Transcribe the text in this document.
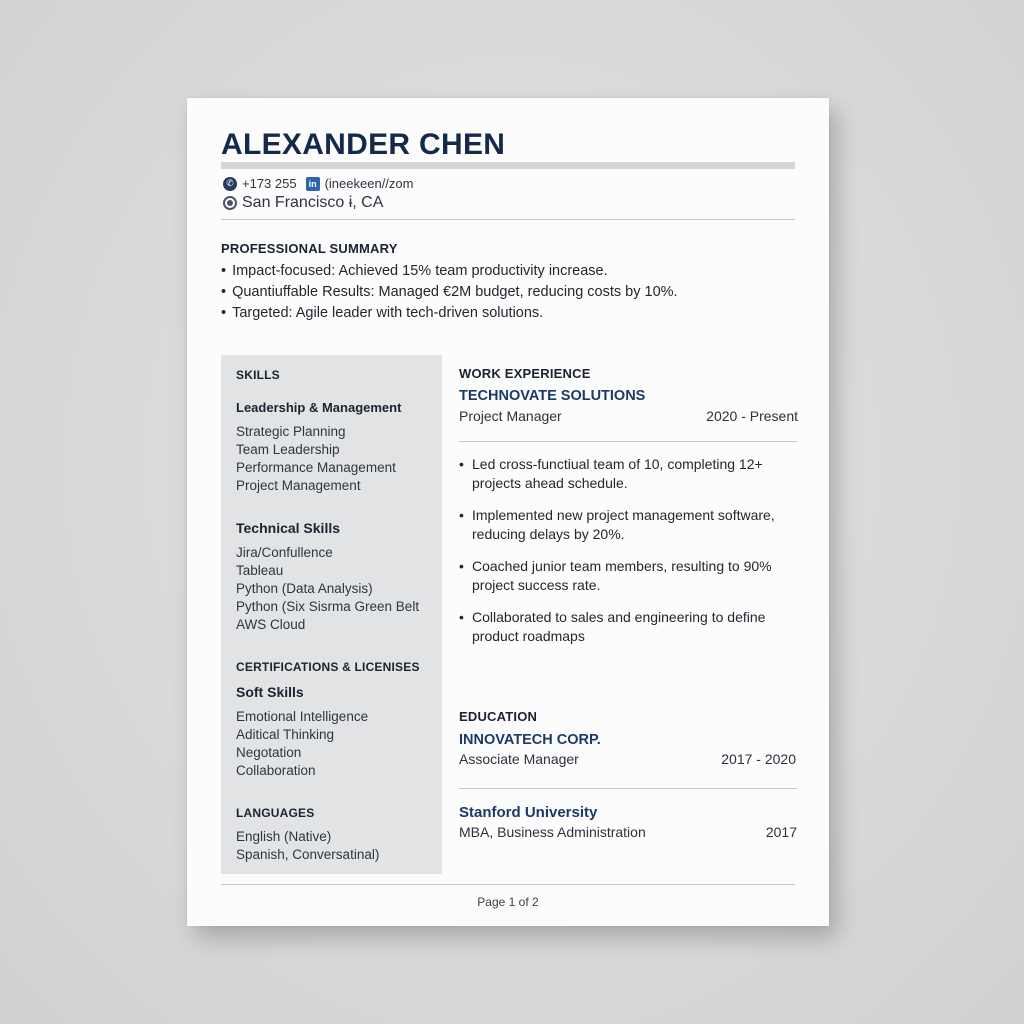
ALEXANDER CHEN
✆ +173 255	in (ineekeen//zom
San Francisco ɨ, CA
PROFESSIONAL SUMMARY
• Impact-focused: Achieved 15% team productivity increase.
• Quantiuffable Results: Managed €2M budget, reducing costs by 10%.
• Targeted: Agile leader with tech-driven solutions.
SKILLS
Leadership & Management
Strategic Planning
Team Leadership
Performance Management
Project Management
Technical Skills
Jira/Confullence
Tableau
Python (Data Analysis)
Python (Six Sisrma Green Belt
AWS Cloud
CERTIFICATIONS & LICENISES
Soft Skills
Emotional Intelligence
Aditical Thinking
Negotation
Collaboration
LANGUAGES
English (Native)
Spanish, Conversatinal)
WORK EXPERIENCE
TECHNOVATE SOLUTIONS
Project Manager	2020 - Present
• Led cross-functiual team of 10, completing 12+ projects ahead schedule.
• Implemented new project management software, reducing delays by 20%.
• Coached junior team members, resulting to 90% project success rate.
• Collaborated to sales and engineering to define product roadmaps
EDUCATION
INNOVATECH CORP.
Associate Manager	2017 - 2020
Stanford University
MBA, Business Administration	2017
Page 1 of 2
